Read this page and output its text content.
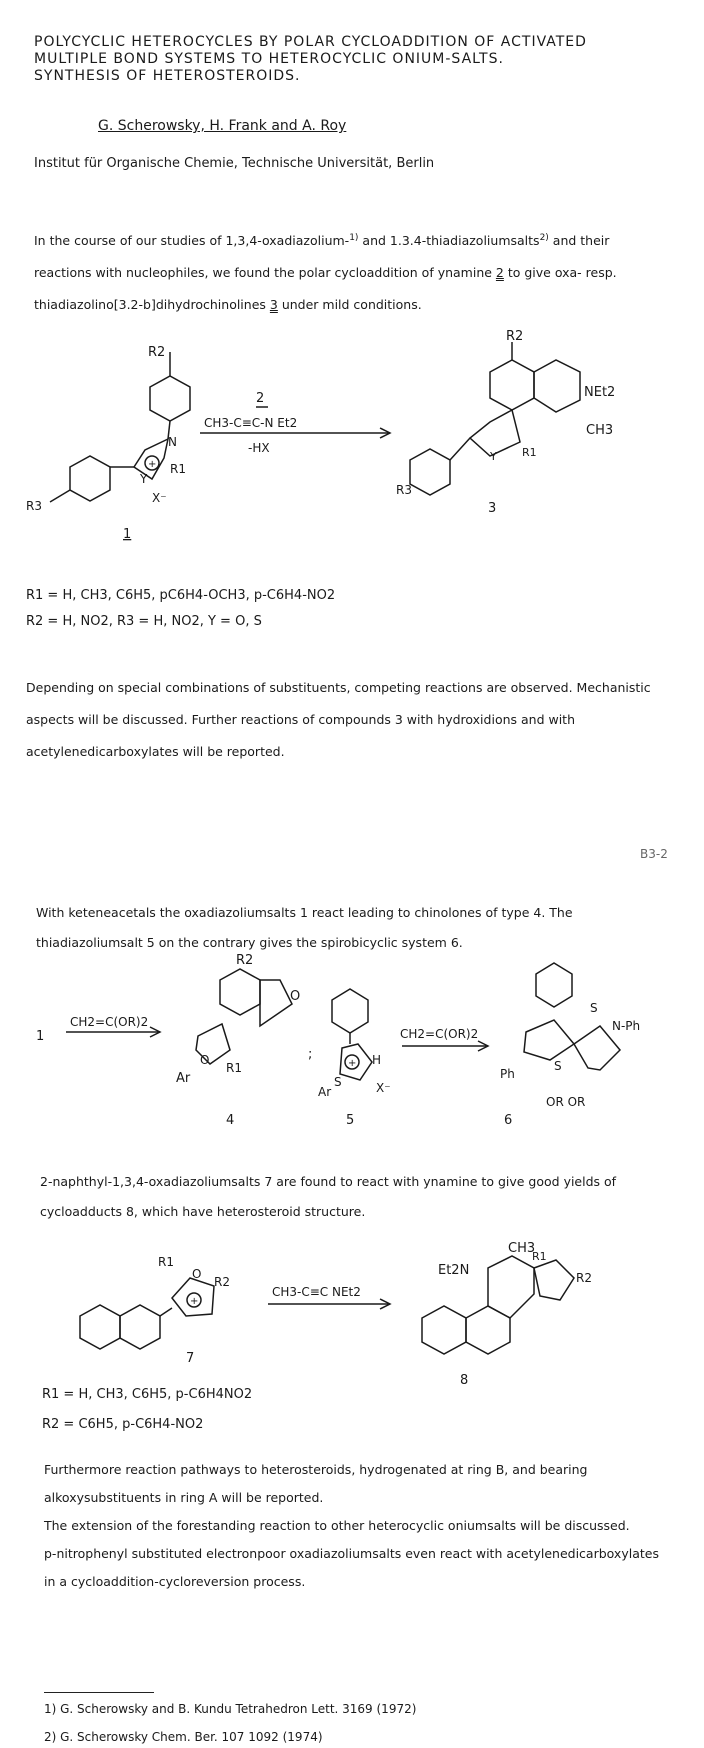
POLYCYCLIC HETEROCYCLES BY POLAR CYCLOADDITION OF ACTIVATED MULTIPLE BOND SYSTEMS TO HETEROCYCLIC ONIUM-SALTS. SYNTHESIS OF HETEROSTEROIDS.
G. Scherowsky, H. Frank and A. Roy
Institut für Organische Chemie, Technische Universität, Berlin
In the course of our studies of 1,3,4-oxadiazolium-$^{1)}$ and 1.3.4-thiadiazoliumsalts$^{2)}$ and their reactions with nucleophiles, we found the polar cycloaddition of ynamine 2 to give oxa- resp. thiadiazolino[3.2-b]dihydrochinolines 3 under mild conditions.
R2
N
+ R1
Y
X⁻
R3
1
2
CH3-C≡C-N Et2
-HX
R2
NEt2
CH3
R1
Y
R3
3
R1 = H, CH3, C6H5, pC6H4-OCH3, p-C6H4-NO2
R2 = H, NO2, R3 = H, NO2, Y = O, S
Depending on special combinations of substituents, competing reactions are observed. Mechanistic aspects will be discussed. Further reactions of compounds 3 with hydroxidions and with acetylenedicarboxylates will be reported.
B3-2
With keteneacetals the oxadiazoliumsalts 1 react leading to chinolones of type 4. The thiadiazoliumsalt 5 on the contrary gives the spirobicyclic system 6.
1
CH2=C(OR)2
R2
O
R1
Ar
O
4
;	H
+
S
Ar	X⁻
5
CH2=C(OR)2
S
N-Ph
S
Ph
OR OR
6
2-naphthyl-1,3,4-oxadiazoliumsalts 7 are found to react with ynamine to give good yields of cycloadducts 8, which have heterosteroid structure.
R1
O
R2
+
CH3-C≡C NEt2
7
CH3
Et2N
R1
R2
8
R1 = H, CH3, C6H5, p-C6H4NO2
R2 = C6H5, p-C6H4-NO2
Furthermore reaction pathways to heterosteroids, hydrogenated at ring B, and bearing alkoxysubstituents in ring A will be reported.
The extension of the forestanding reaction to other heterocyclic oniumsalts will be discussed.
p-nitrophenyl substituted electronpoor oxadiazoliumsalts even react with acetylenedicarboxylates in a cycloaddition-cycloreversion process.
1) G. Scherowsky and B. Kundu Tetrahedron Lett. 3169 (1972)
2) G. Scherowsky Chem. Ber. 107 1092 (1974)
